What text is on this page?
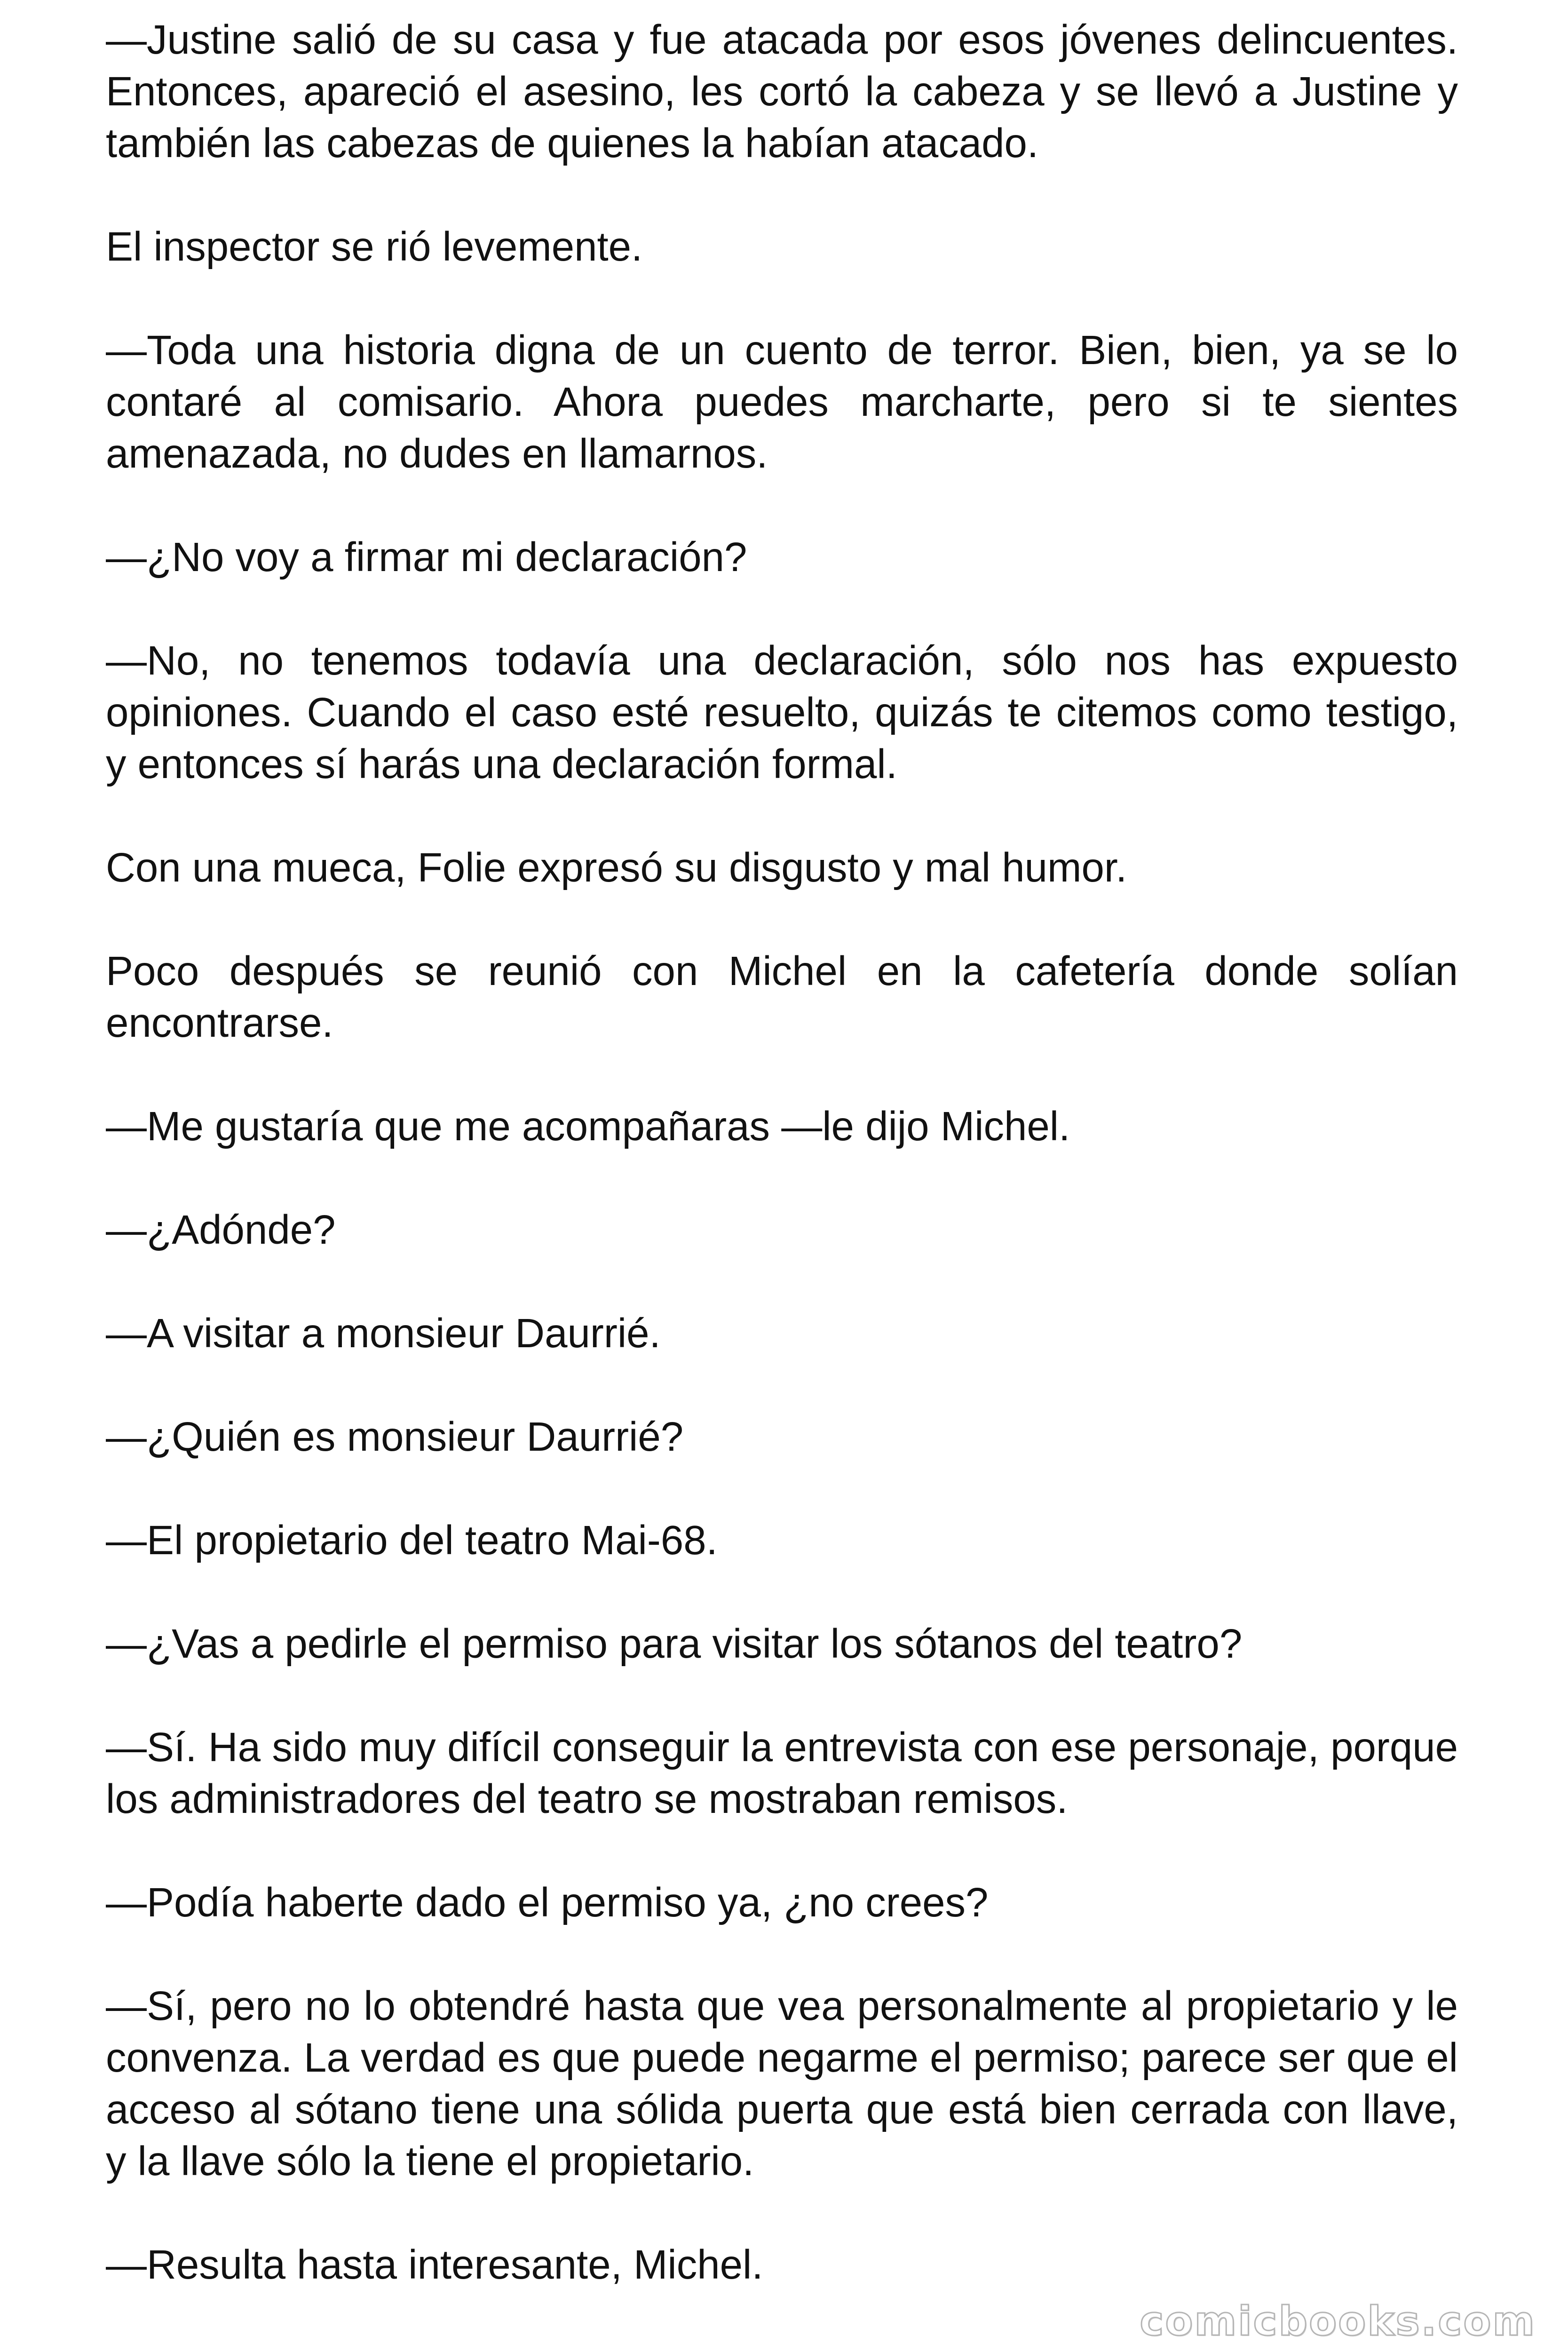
—Justine salió de su casa y fue atacada por esos jóvenes delincuentes. Entonces, apareció el asesino, les cortó la cabeza y se llevó a Justine y también las cabezas de quienes la habían atacado.

El inspector se rió levemente.

—Toda una historia digna de un cuento de terror. Bien, bien, ya se lo contaré al comisario. Ahora puedes marcharte, pero si te sientes amenazada, no dudes en llamarnos.

—¿No voy a firmar mi declaración?

—No, no tenemos todavía una declaración, sólo nos has expuesto opiniones. Cuando el caso esté resuelto, quizás te citemos como testigo, y entonces sí harás una declaración formal.

Con una mueca, Folie expresó su disgusto y mal humor.

Poco después se reunió con Michel en la cafetería donde solían encontrarse.

—Me gustaría que me acompañaras —le dijo Michel.

—¿Adónde?

—A visitar a monsieur Daurrié.

—¿Quién es monsieur Daurrié?

—El propietario del teatro Mai-68.

—¿Vas a pedirle el permiso para visitar los sótanos del teatro?

—Sí. Ha sido muy difícil conseguir la entrevista con ese personaje, porque los administradores del teatro se mostraban remisos.

—Podía haberte dado el permiso ya, ¿no crees?

—Sí, pero no lo obtendré hasta que vea personalmente al propietario y le convenza. La verdad es que puede negarme el permiso; parece ser que el acceso al sótano tiene una sólida puerta que está bien cerrada con llave, y la llave sólo la tiene el propietario.

—Resulta hasta interesante, Michel.

comicbooks.com
